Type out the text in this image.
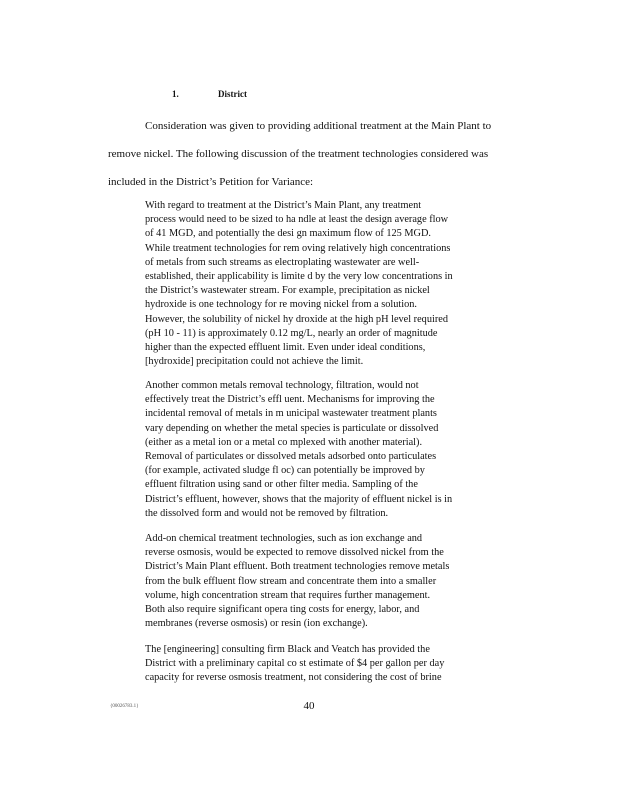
1.	District
Consideration was given to providing additional treatment at the Main Plant to
remove nickel. The following discussion of the treatment technologies considered was
included in the District’s Petition for Variance:
With regard to treatment at the District’s Main Plant, any treatment
process would need to be sized to ha ndle at least the design average flow
of 41 MGD, and potentially the desi gn maximum flow of 125 MGD.
While treatment technologies for rem oving relatively high concentrations
of metals from such streams as electroplating wastewater are well-
established, their applicability is limite d by the very low concentrations in
the District’s wastewater stream. For example, precipitation as nickel
hydroxide is one technology for re moving nickel from a solution.
However, the solubility of nickel hy droxide at the high pH level required
(pH 10 - 11) is approximately 0.12 mg/L, nearly an order of magnitude
higher than the expected effluent limit. Even under ideal conditions,
[hydroxide] precipitation could not achieve the limit.
Another common metals removal technology, filtration, would not
effectively treat the District’s effl uent. Mechanisms for improving the
incidental removal of metals in m unicipal wastewater treatment plants
vary depending on whether the metal species is particulate or dissolved
(either as a metal ion or a metal co mplexed with another material).
Removal of particulates or dissolved metals adsorbed onto particulates
(for example, activated sludge fl oc) can potentially be improved by
effluent filtration using sand or other filter media. Sampling of the
District’s effluent, however, shows that the majority of effluent nickel is in
the dissolved form and would not be removed by filtration.
Add-on chemical treatment technologies, such as ion exchange and
reverse osmosis, would be expected to remove dissolved nickel from the
District’s Main Plant effluent. Both treatment technologies remove metals
from the bulk effluent flow stream and concentrate them into a smaller
volume, high concentration stream that requires further management.
Both also require significant opera ting costs for energy, labor, and
membranes (reverse osmosis) or resin (ion exchange).
The [engineering] consulting firm Black and Veatch has provided the
District with a preliminary capital co st estimate of $4 per gallon per day
capacity for reverse osmosis treatment, not considering the cost of brine
{00026783.1}	40
